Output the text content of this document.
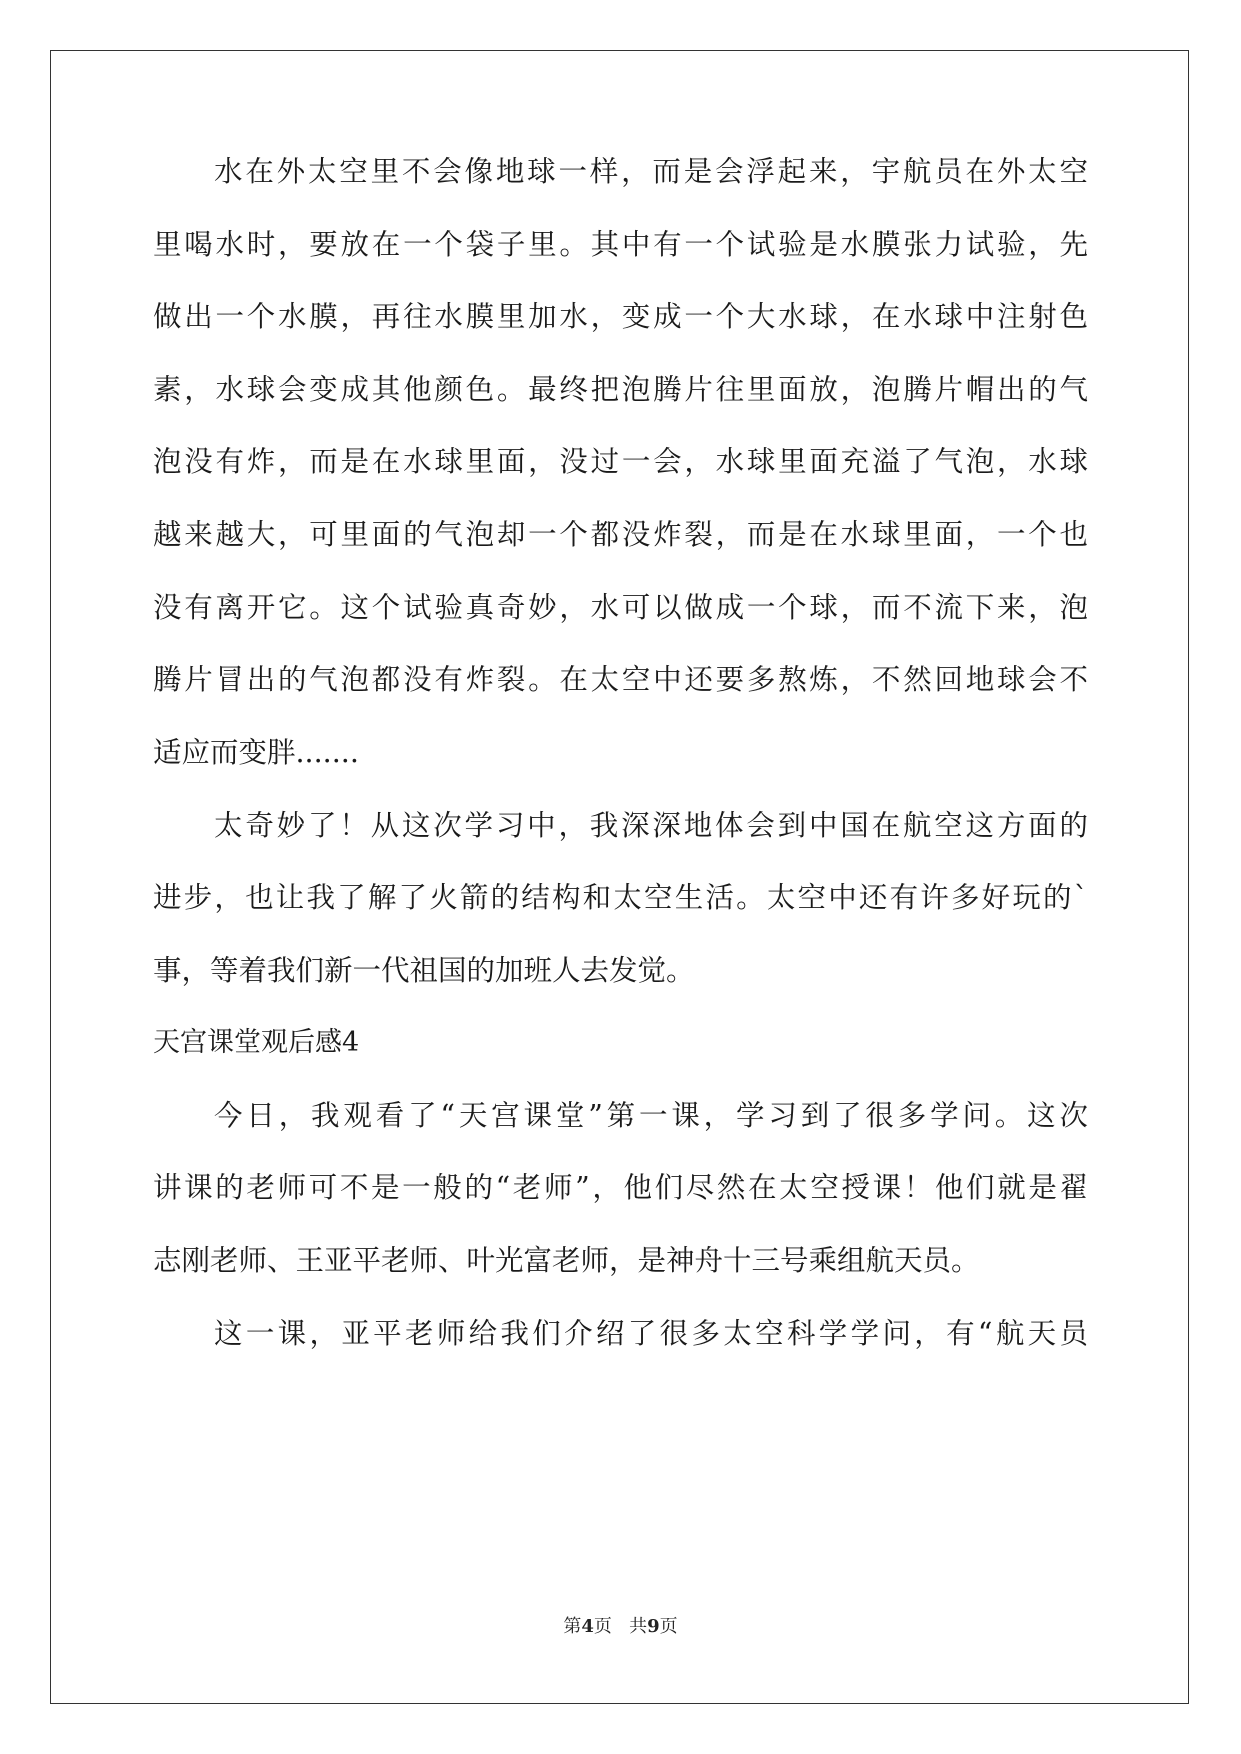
水在外太空里不会像地球一样，而是会浮起来，宇航员在外太空
里喝水时，要放在一个袋子里。其中有一个试验是水膜张力试验，先
做出一个水膜，再往水膜里加水，变成一个大水球，在水球中注射色
素，水球会变成其他颜色。最终把泡腾片往里面放，泡腾片帽出的气
泡没有炸，而是在水球里面，没过一会，水球里面充溢了气泡，水球
越来越大，可里面的气泡却一个都没炸裂，而是在水球里面，一个也
没有离开它。这个试验真奇妙，水可以做成一个球，而不流下来，泡
腾片冒出的气泡都没有炸裂。在太空中还要多熬炼，不然回地球会不
适应而变胖.......
太奇妙了！从这次学习中，我深深地体会到中国在航空这方面的
进步，也让我了解了火箭的结构和太空生活。太空中还有许多好玩的`
事，等着我们新一代祖国的加班人去发觉。
天宫课堂观后感4
今日，我观看了“天宫课堂”第一课，学习到了很多学问。这次
讲课的老师可不是一般的“老师”，他们尽然在太空授课！他们就是翟
志刚老师、王亚平老师、叶光富老师，是神舟十三号乘组航天员。
这一课，亚平老师给我们介绍了很多太空科学学问，有“航天员
第4页 共9页
